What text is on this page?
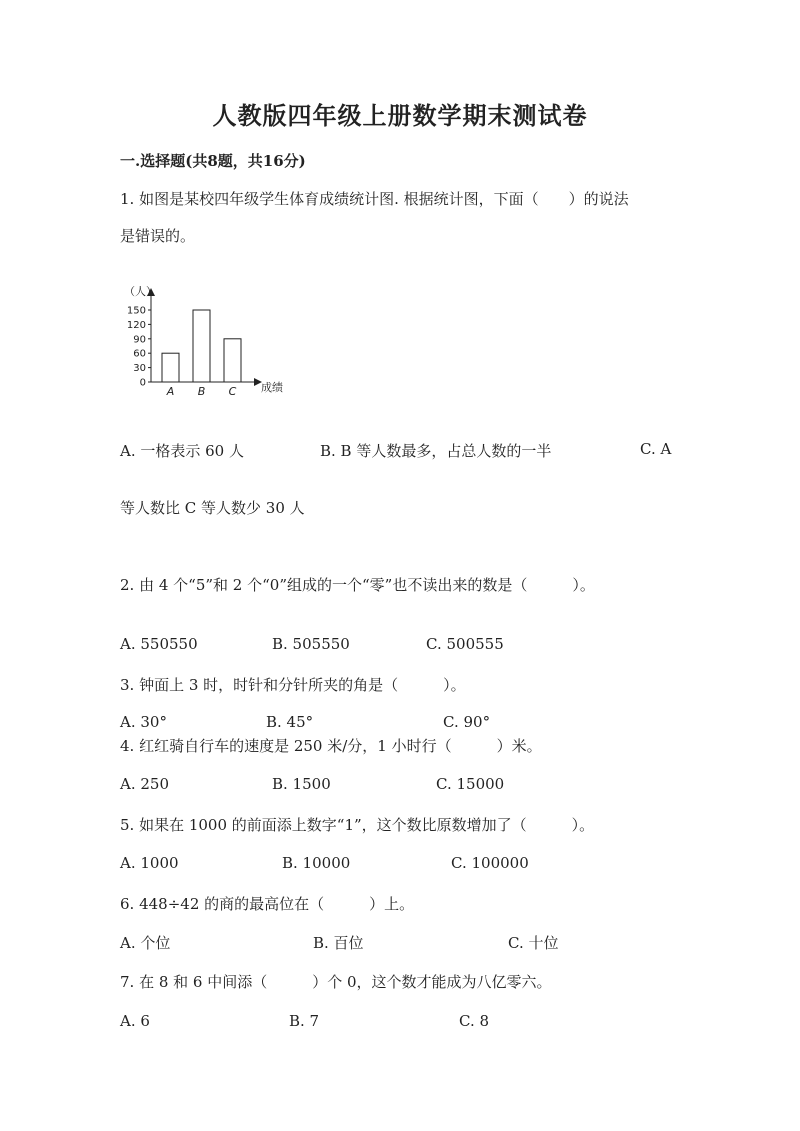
人教版四年级上册数学期末测试卷
一.选择题(共8题，共16分)
1. 如图是某校四年级学生体育成绩统计图. 根据统计图，下面（　　）的说法
是错误的。
（人）
成绩
0
30
60
90
120
150
A B C
A. 一格表示 60 人	B. B 等人数最多，占总人数的一半	C. A
等人数比 C 等人数少 30 人
2. 由 4 个“5”和 2 个“0”组成的一个“零”也不读出来的数是（　　　）。
A. 550550	B. 505550	C. 500555
3. 钟面上 3 时，时针和分针所夹的角是（　　　）。
A. 30°	B. 45°	C. 90°
4. 红红骑自行车的速度是 250 米/分，1 小时行（　　　）米。
A. 250	B. 1500	C. 15000
5. 如果在 1000 的前面添上数字“1”，这个数比原数增加了（　　　）。
A. 1000	B. 10000	C. 100000
6. 448÷42 的商的最高位在（　　　）上。
A. 个位	B. 百位	C. 十位
7. 在 8 和 6 中间添（　　　）个 0，这个数才能成为八亿零六。
A. 6	B. 7	C. 8
